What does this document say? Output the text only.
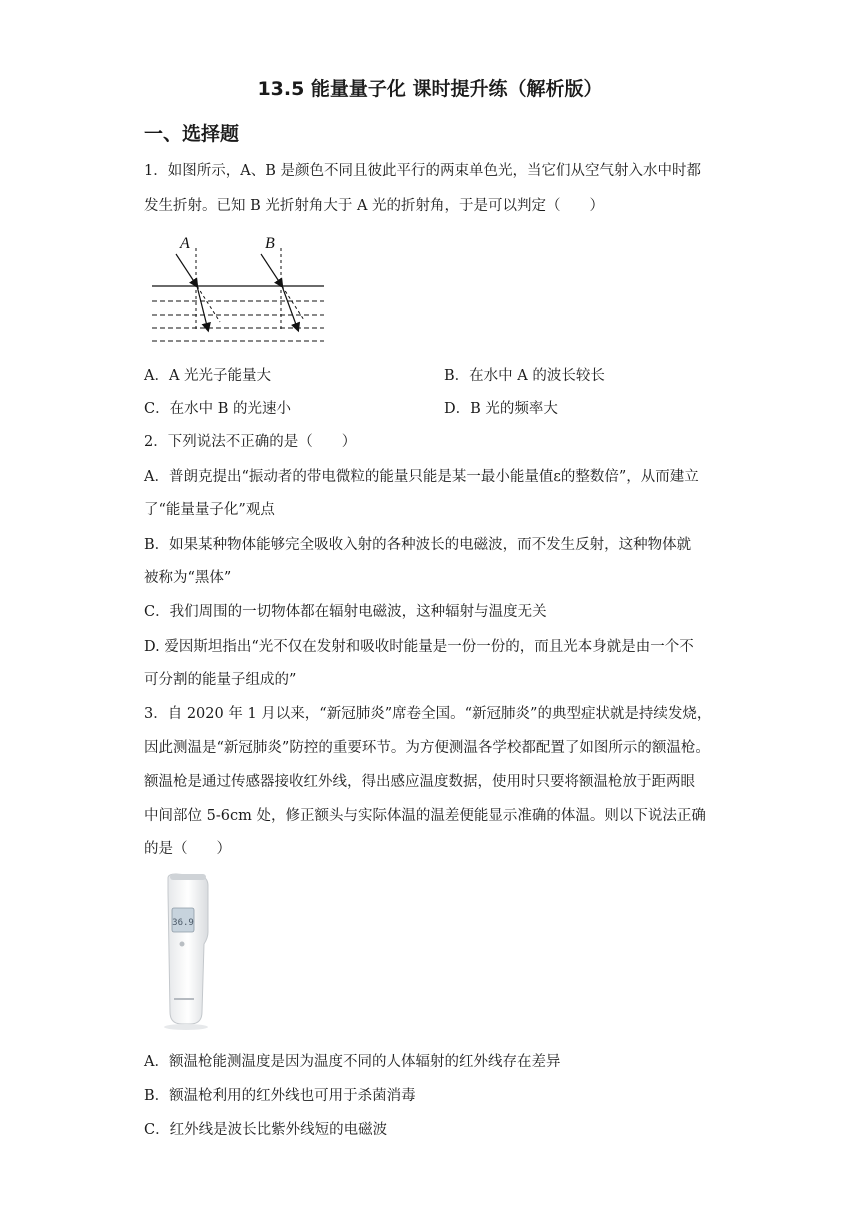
13.5 能量量子化 课时提升练（解析版）
一、选择题
1．如图所示，A、B 是颜色不同且彼此平行的两束单色光，当它们从空气射入水中时都
发生折射。已知 B 光折射角大于 A 光的折射角，于是可以判定（　　）
A	B
A．A 光光子能量大	B．在水中 A 的波长较长
C．在水中 B 的光速小	D．B 光的频率大
2．下列说法不正确的是（　　）
A．普朗克提出“振动者的带电微粒的能量只能是某一最小能量值ε的整数倍”，从而建立
了“能量量子化”观点
B．如果某种物体能够完全吸收入射的各种波长的电磁波，而不发生反射，这种物体就
被称为“黑体”
C．我们周围的一切物体都在辐射电磁波，这种辐射与温度无关
D. 爱因斯坦指出“光不仅在发射和吸收时能量是一份一份的，而且光本身就是由一个不
可分割的能量子组成的”
3．自 2020 年 1 月以来，“新冠肺炎”席卷全国。“新冠肺炎”的典型症状就是持续发烧，
因此测温是“新冠肺炎”防控的重要环节。为方便测温各学校都配置了如图所示的额温枪。
额温枪是通过传感器接收红外线，得出感应温度数据，使用时只要将额温枪放于距两眼
中间部位 5-6cm 处，修正额头与实际体温的温差便能显示准确的体温。则以下说法正确
的是（　　）
36.9
A．额温枪能测温度是因为温度不同的人体辐射的红外线存在差异
B．额温枪利用的红外线也可用于杀菌消毒
C．红外线是波长比紫外线短的电磁波
